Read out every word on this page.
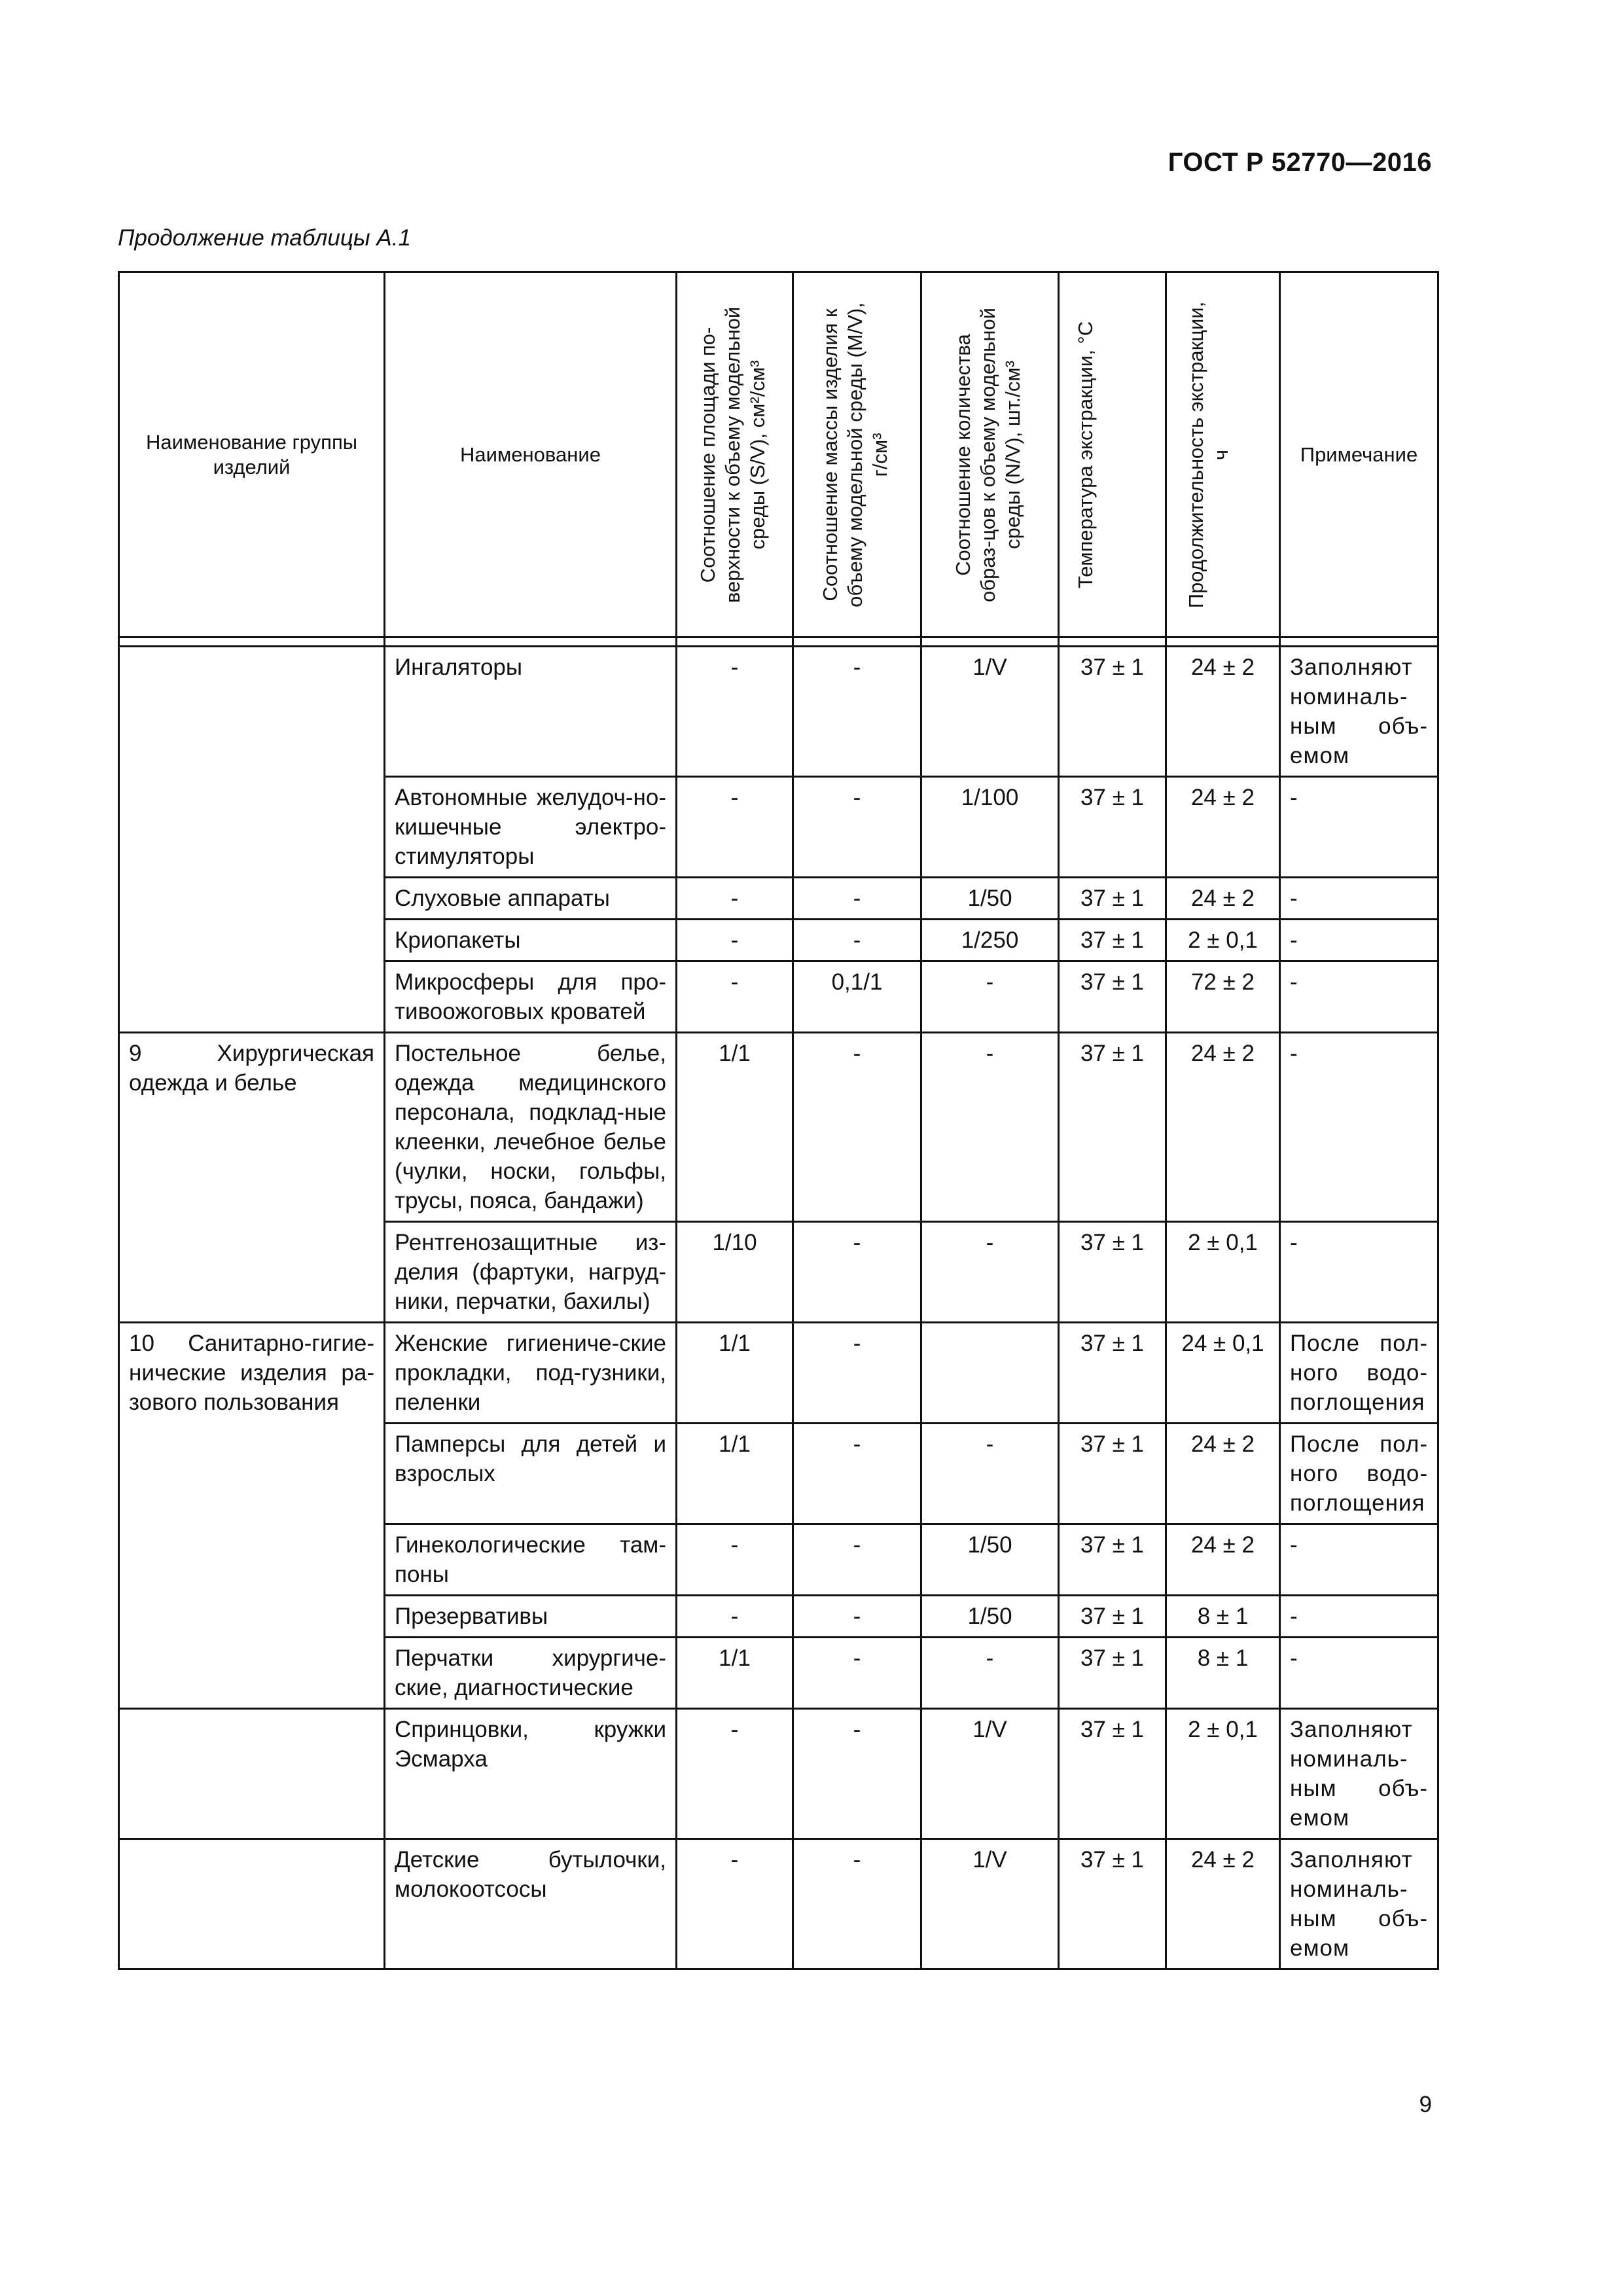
ГОСТ Р 52770—2016
Продолжение таблицы А.1
Наименование группы изделий	Наименование	Соотношение площади по-верхности к объему модельной среды (S/V), см²/см³	Соотношение массы изделия к объему модельной среды (M/V), г/см³	Соотношение количества образ-цов к объему модельной среды (N/V), шт./см³	Температура экстракции, °С	Продолжительность экстракции, ч	Примечание

	Ингаляторы	-	-	1/V	37 ± 1	24 ± 2	Заполняют номиналь-ным объ-емом
	Автономные желудоч-но-кишечные электро-стимуляторы	-	-	1/100	37 ± 1	24 ± 2	-
	Слуховые аппараты	-	-	1/50	37 ± 1	24 ± 2	-
	Криопакеты	-	-	1/250	37 ± 1	2 ± 0,1	-
	Микросферы для про-тивоожоговых кроватей	-	0,1/1	-	37 ± 1	72 ± 2	-
9 Хирургическая одежда и белье	Постельное белье, одежда медицинского персонала, подклад-ные клеенки, лечебное белье (чулки, носки, гольфы, трусы, пояса, бандажи)	1/1	-	-	37 ± 1	24 ± 2	-
	Рентгенозащитные из-делия (фартуки, нагруд-ники, перчатки, бахилы)	1/10	-	-	37 ± 1	2 ± 0,1	-
10 Санитарно-гигие-нические изделия ра-зового пользования	Женские гигиениче-ские прокладки, под-гузники, пеленки	1/1	-		37 ± 1	24 ± 0,1	После пол-ного водо-поглощения
	Памперсы для детей и взрослых	1/1	-	-	37 ± 1	24 ± 2	После пол-ного водо-поглощения
	Гинекологические там-поны	-	-	1/50	37 ± 1	24 ± 2	-
	Презервативы	-	-	1/50	37 ± 1	8 ± 1	-
	Перчатки хирургиче-ские, диагностические	1/1	-	-	37 ± 1	8 ± 1	-
	Спринцовки, кружки Эсмарха	-	-	1/V	37 ± 1	2 ± 0,1	Заполняют номиналь-ным объ-емом
	Детские бутылочки, молокоотсосы	-	-	1/V	37 ± 1	24 ± 2	Заполняют номиналь-ным объ-емом
9
